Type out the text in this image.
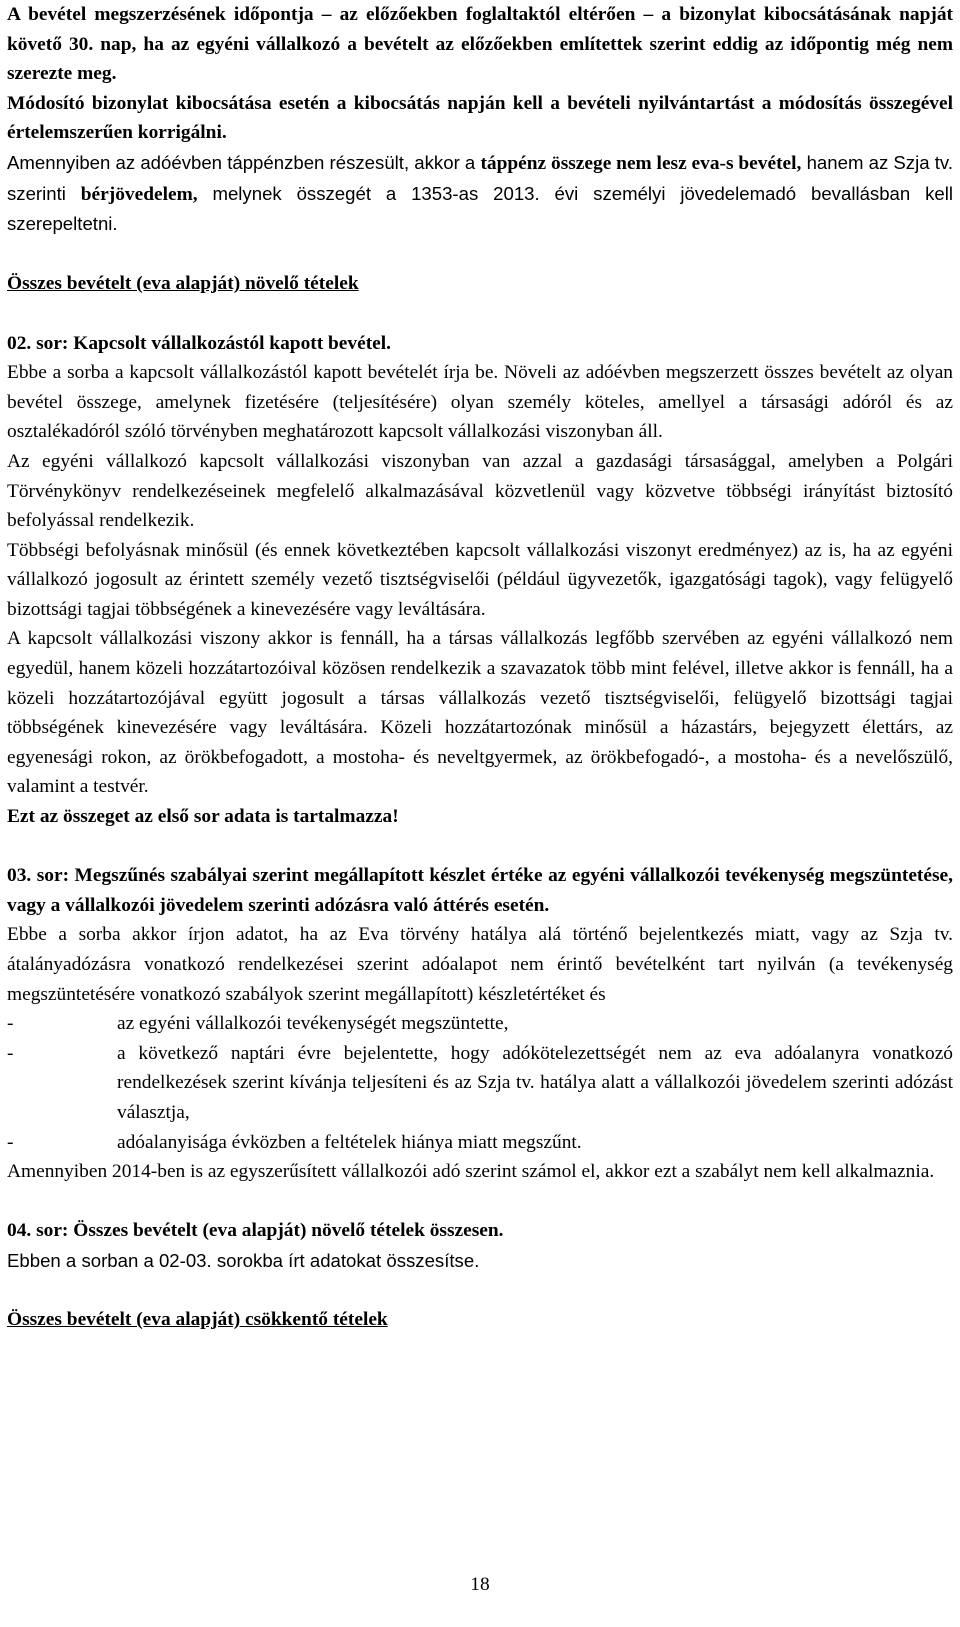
A bevétel megszerzésének időpontja – az előzőekben foglaltaktól eltérően – a bizonylat kibocsátásának napját követő 30. nap, ha az egyéni vállalkozó a bevételt az előzőekben említettek szerint eddig az időpontig még nem szerezte meg.

Módosító bizonylat kibocsátása esetén a kibocsátás napján kell a bevételi nyilvántartást a módosítás összegével értelemszerűen korrigálni.

Amennyiben az adóévben táppénzben részesült, akkor a táppénz összege nem lesz eva-s bevétel, hanem az Szja tv. szerinti bérjövedelem, melynek összegét a 1353-as 2013. évi személyi jövedelemadó bevallásban kell szerepeltetni.

Összes bevételt (eva alapját) növelő tételek

02. sor: Kapcsolt vállalkozástól kapott bevétel.

Ebbe a sorba a kapcsolt vállalkozástól kapott bevételét írja be. Növeli az adóévben megszerzett összes bevételt az olyan bevétel összege, amelynek fizetésére (teljesítésére) olyan személy köteles, amellyel a társasági adóról és az osztalékadóról szóló törvényben meghatározott kapcsolt vállalkozási viszonyban áll.

Az egyéni vállalkozó kapcsolt vállalkozási viszonyban van azzal a gazdasági társasággal, amelyben a Polgári Törvénykönyv rendelkezéseinek megfelelő alkalmazásával közvetlenül vagy közvetve többségi irányítást biztosító befolyással rendelkezik.

Többségi befolyásnak minősül (és ennek következtében kapcsolt vállalkozási viszonyt eredményez) az is, ha az egyéni vállalkozó jogosult az érintett személy vezető tisztségviselői (például ügyvezetők, igazgatósági tagok), vagy felügyelő bizottsági tagjai többségének a kinevezésére vagy leváltására.

A kapcsolt vállalkozási viszony akkor is fennáll, ha a társas vállalkozás legfőbb szervében az egyéni vállalkozó nem egyedül, hanem közeli hozzátartozóival közösen rendelkezik a szavazatok több mint felével, illetve akkor is fennáll, ha a közeli hozzátartozójával együtt jogosult a társas vállalkozás vezető tisztségviselői, felügyelő bizottsági tagjai többségének kinevezésére vagy leváltására. Közeli hozzátartozónak minősül a házastárs, bejegyzett élettárs, az egyenesági rokon, az örökbefogadott, a mostoha- és neveltgyermek, az örökbefogadó-, a mostoha- és a nevelőszülő, valamint a testvér.

Ezt az összeget az első sor adata is tartalmazza!

03. sor: Megszűnés szabályai szerint megállapított készlet értéke az egyéni vállalkozói tevékenység megszüntetése, vagy a vállalkozói jövedelem szerinti adózásra való áttérés esetén.

Ebbe a sorba akkor írjon adatot, ha az Eva törvény hatálya alá történő bejelentkezés miatt, vagy az Szja tv. átalányadózásra vonatkozó rendelkezései szerint adóalapot nem érintő bevételként tart nyilván (a tevékenység megszüntetésére vonatkozó szabályok szerint megállapított) készletértéket és

-	az egyéni vállalkozói tevékenységét megszüntette,
-	a következő naptári évre bejelentette, hogy adókötelezettségét nem az eva adóalanyra vonatkozó rendelkezések szerint kívánja teljesíteni és az Szja tv. hatálya alatt a vállalkozói jövedelem szerinti adózást választja,
-	adóalanyisága évközben a feltételek hiánya miatt megszűnt.

Amennyiben 2014-ben is az egyszerűsített vállalkozói adó szerint számol el, akkor ezt a szabályt nem kell alkalmaznia.

04. sor: Összes bevételt (eva alapját) növelő tételek összesen.

Ebben a sorban a 02-03. sorokba írt adatokat összesítse.

Összes bevételt (eva alapját) csökkentő tételek
18
